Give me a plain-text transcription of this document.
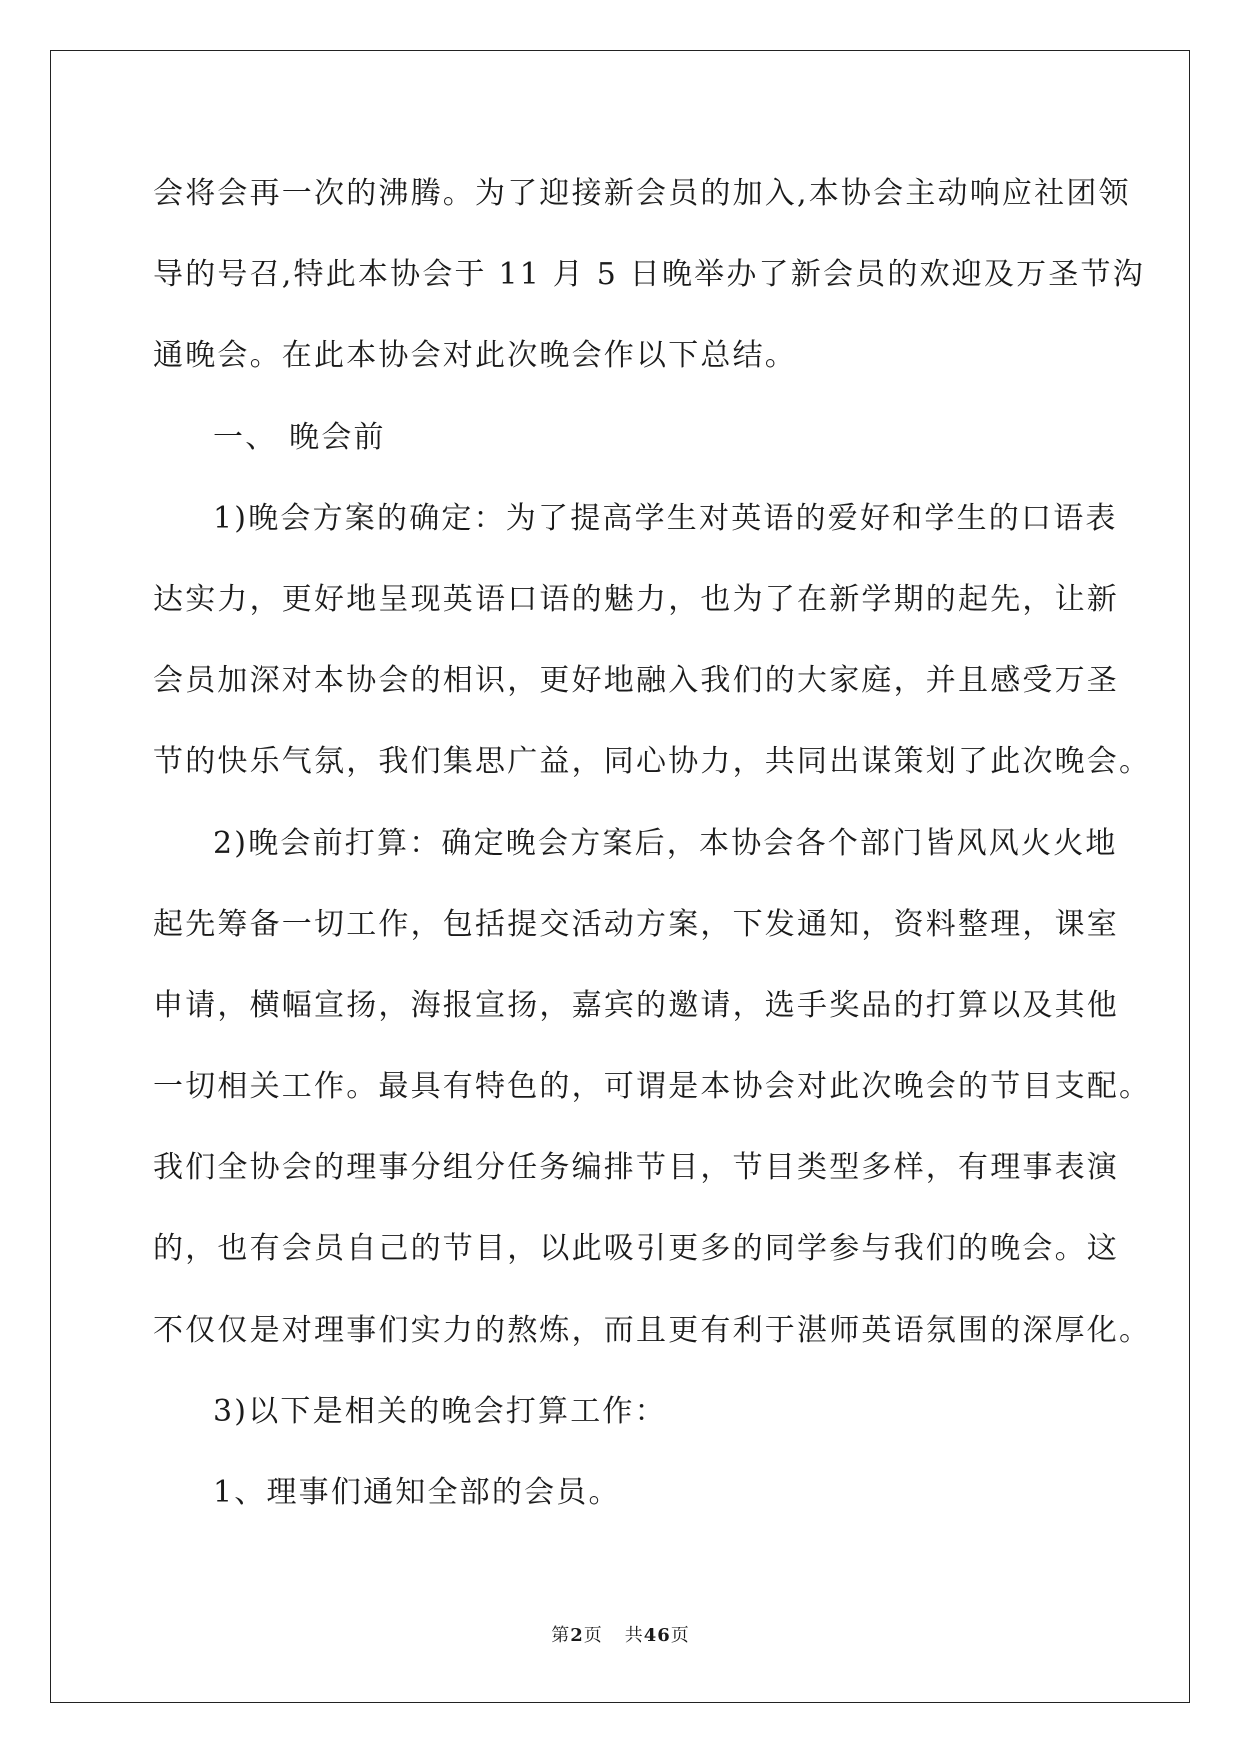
会将会再一次的沸腾。为了迎接新会员的加入,本协会主动响应社团领
导的号召,特此本协会于 11 月 5 日晚举办了新会员的欢迎及万圣节沟
通晚会。在此本协会对此次晚会作以下总结。
一、 晚会前
1)晚会方案的确定：为了提高学生对英语的爱好和学生的口语表
达实力，更好地呈现英语口语的魅力，也为了在新学期的起先，让新
会员加深对本协会的相识，更好地融入我们的大家庭，并且感受万圣
节的快乐气氛，我们集思广益，同心协力，共同出谋策划了此次晚会。
2)晚会前打算：确定晚会方案后，本协会各个部门皆风风火火地
起先筹备一切工作，包括提交活动方案，下发通知，资料整理，课室
申请，横幅宣扬，海报宣扬，嘉宾的邀请，选手奖品的打算以及其他
一切相关工作。最具有特色的，可谓是本协会对此次晚会的节目支配。
我们全协会的理事分组分任务编排节目，节目类型多样，有理事表演
的，也有会员自己的节目，以此吸引更多的同学参与我们的晚会。这
不仅仅是对理事们实力的熬炼，而且更有利于湛师英语氛围的深厚化。
3)以下是相关的晚会打算工作：
1、理事们通知全部的会员。
第2页 共46页
